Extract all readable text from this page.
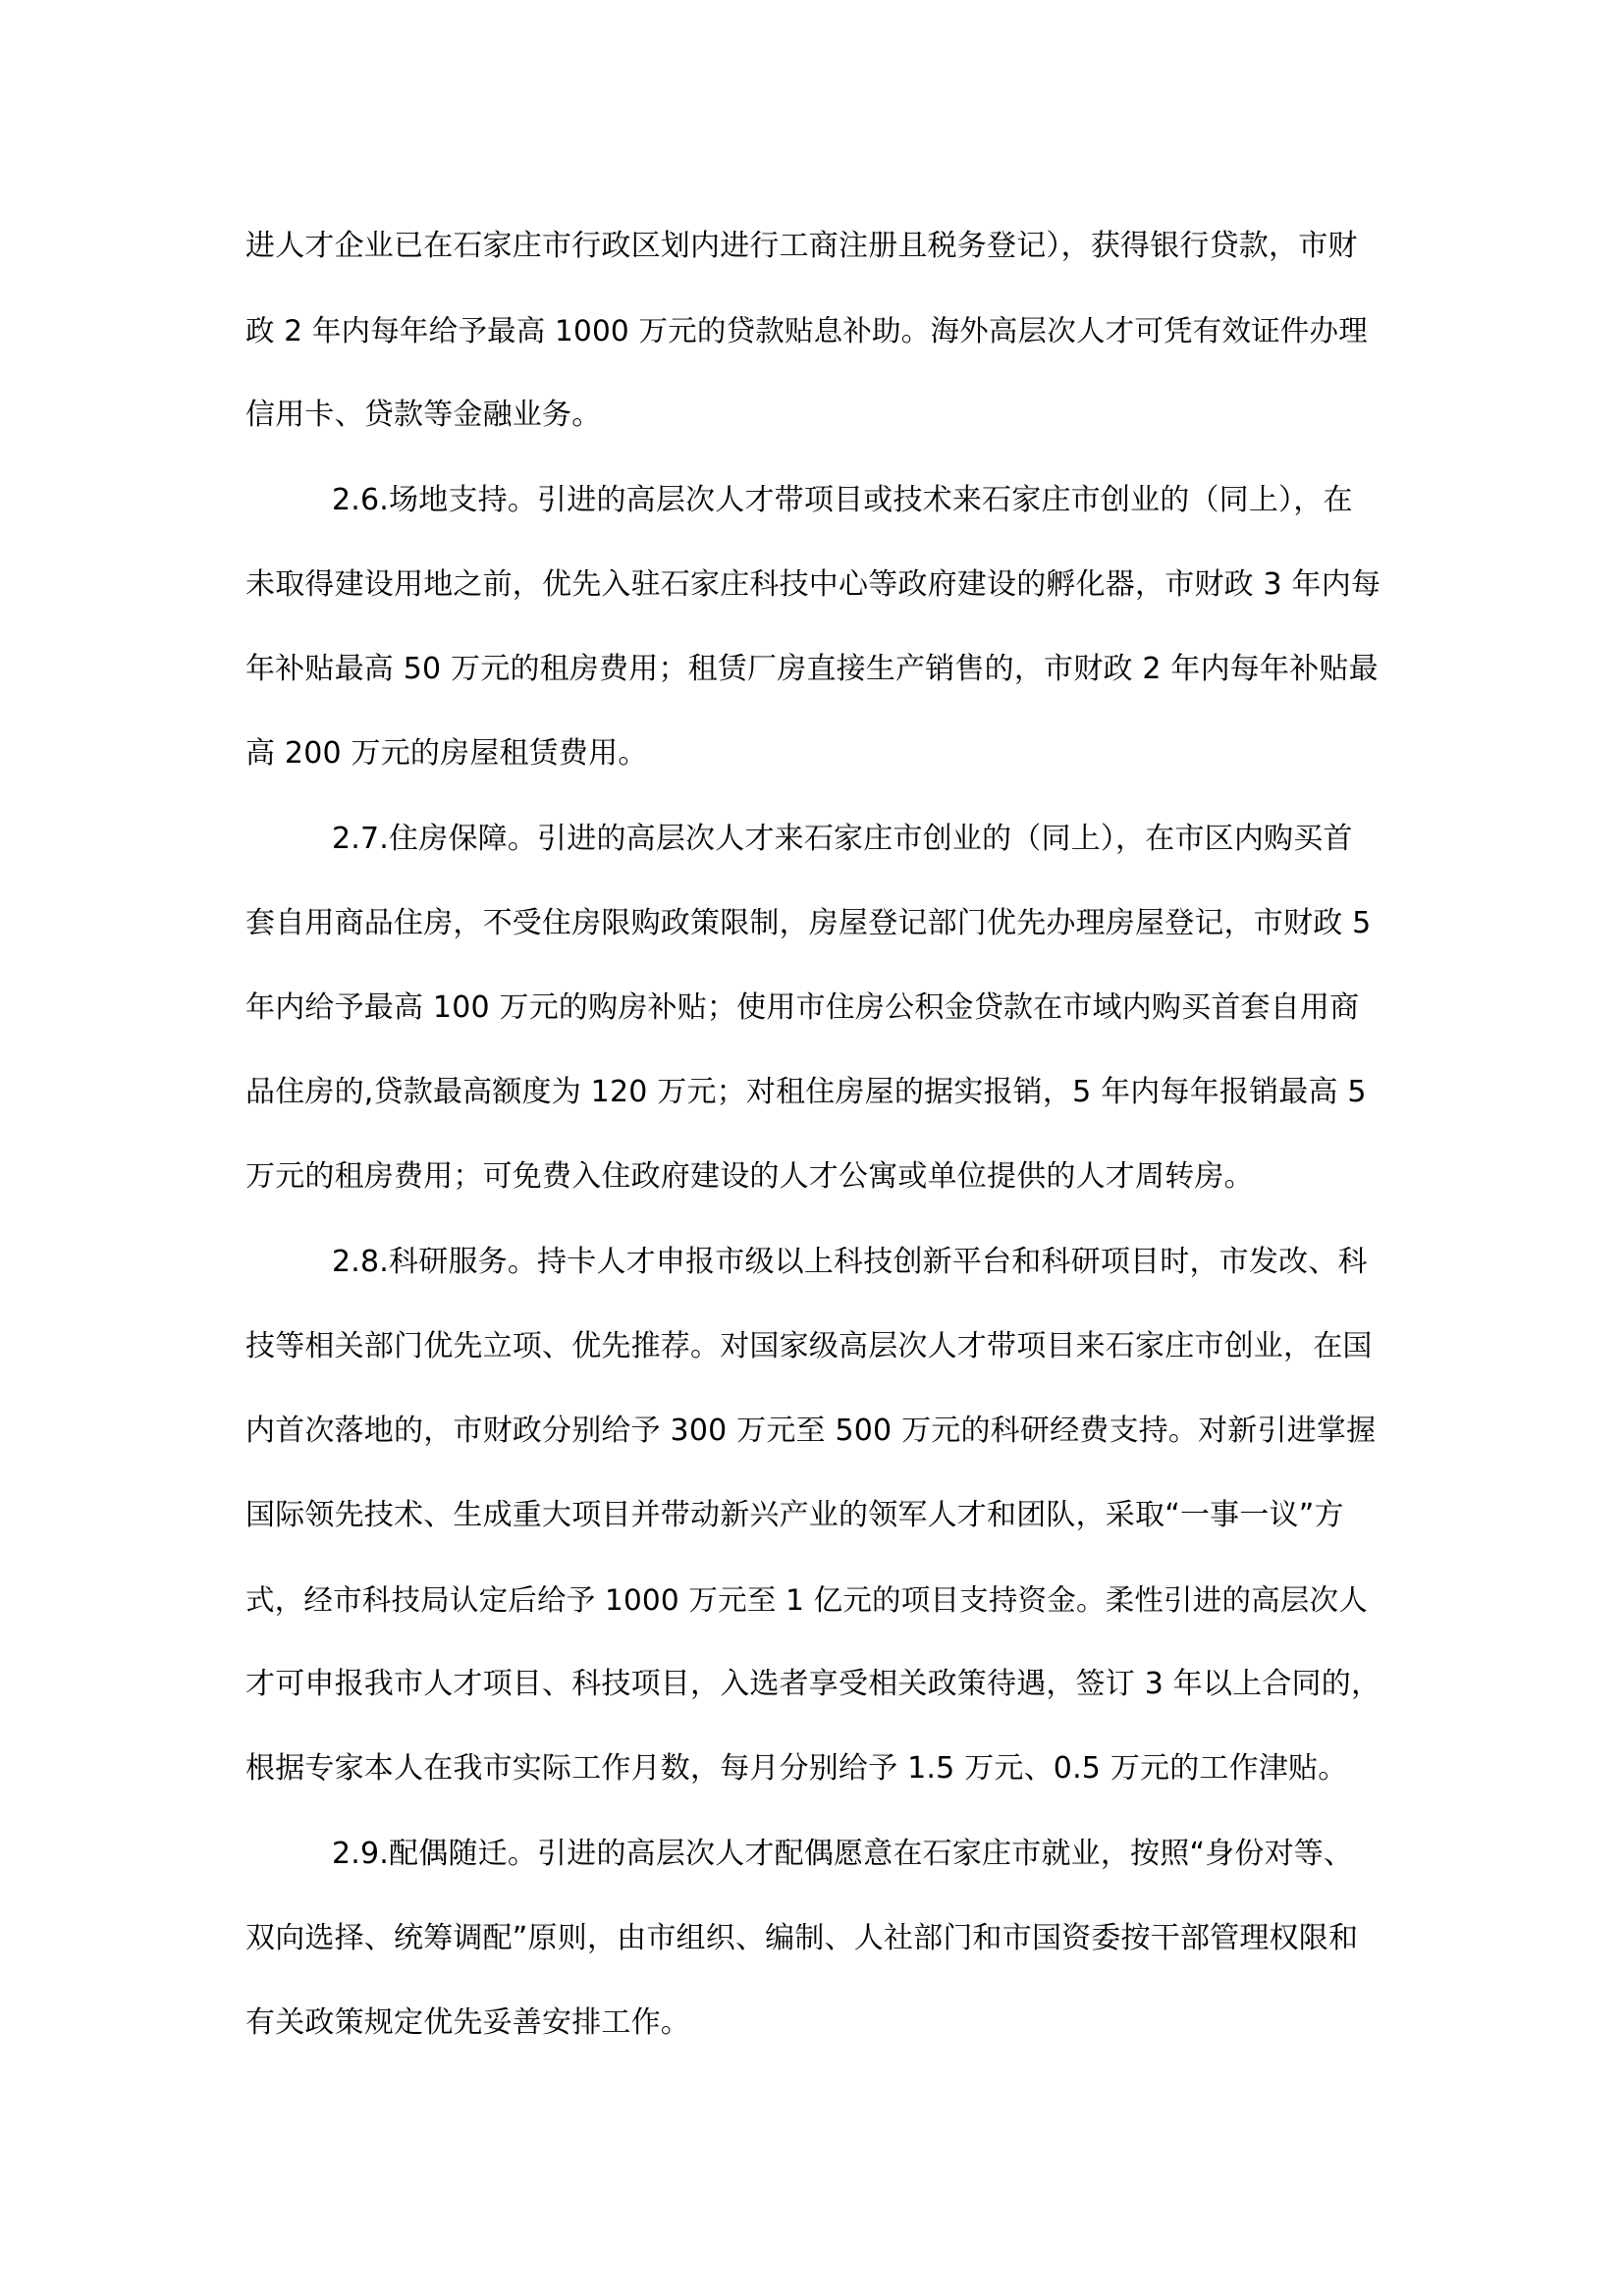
进人才企业已在石家庄市行政区划内进行工商注册且税务登记），获得银行贷款，市财
政 2 年内每年给予最高 1000 万元的贷款贴息补助。海外高层次人才可凭有效证件办理
信用卡、贷款等金融业务。
2.6.场地支持。引进的高层次人才带项目或技术来石家庄市创业的（同上），在
未取得建设用地之前，优先入驻石家庄科技中心等政府建设的孵化器，市财政 3 年内每
年补贴最高 50 万元的租房费用；租赁厂房直接生产销售的，市财政 2 年内每年补贴最
高 200 万元的房屋租赁费用。
2.7.住房保障。引进的高层次人才来石家庄市创业的（同上），在市区内购买首
套自用商品住房，不受住房限购政策限制，房屋登记部门优先办理房屋登记，市财政 5
年内给予最高 100 万元的购房补贴；使用市住房公积金贷款在市域内购买首套自用商
品住房的,贷款最高额度为 120 万元；对租住房屋的据实报销，5 年内每年报销最高 5
万元的租房费用；可免费入住政府建设的人才公寓或单位提供的人才周转房。
2.8.科研服务。持卡人才申报市级以上科技创新平台和科研项目时，市发改、科
技等相关部门优先立项、优先推荐。对国家级高层次人才带项目来石家庄市创业，在国
内首次落地的，市财政分别给予 300 万元至 500 万元的科研经费支持。对新引进掌握
国际领先技术、生成重大项目并带动新兴产业的领军人才和团队，采取“一事一议”方
式，经市科技局认定后给予 1000 万元至 1 亿元的项目支持资金。柔性引进的高层次人
才可申报我市人才项目、科技项目，入选者享受相关政策待遇，签订 3 年以上合同的，
根据专家本人在我市实际工作月数，每月分别给予 1.5 万元、0.5 万元的工作津贴。
2.9.配偶随迁。引进的高层次人才配偶愿意在石家庄市就业，按照“身份对等、
双向选择、统筹调配”原则，由市组织、编制、人社部门和市国资委按干部管理权限和
有关政策规定优先妥善安排工作。
